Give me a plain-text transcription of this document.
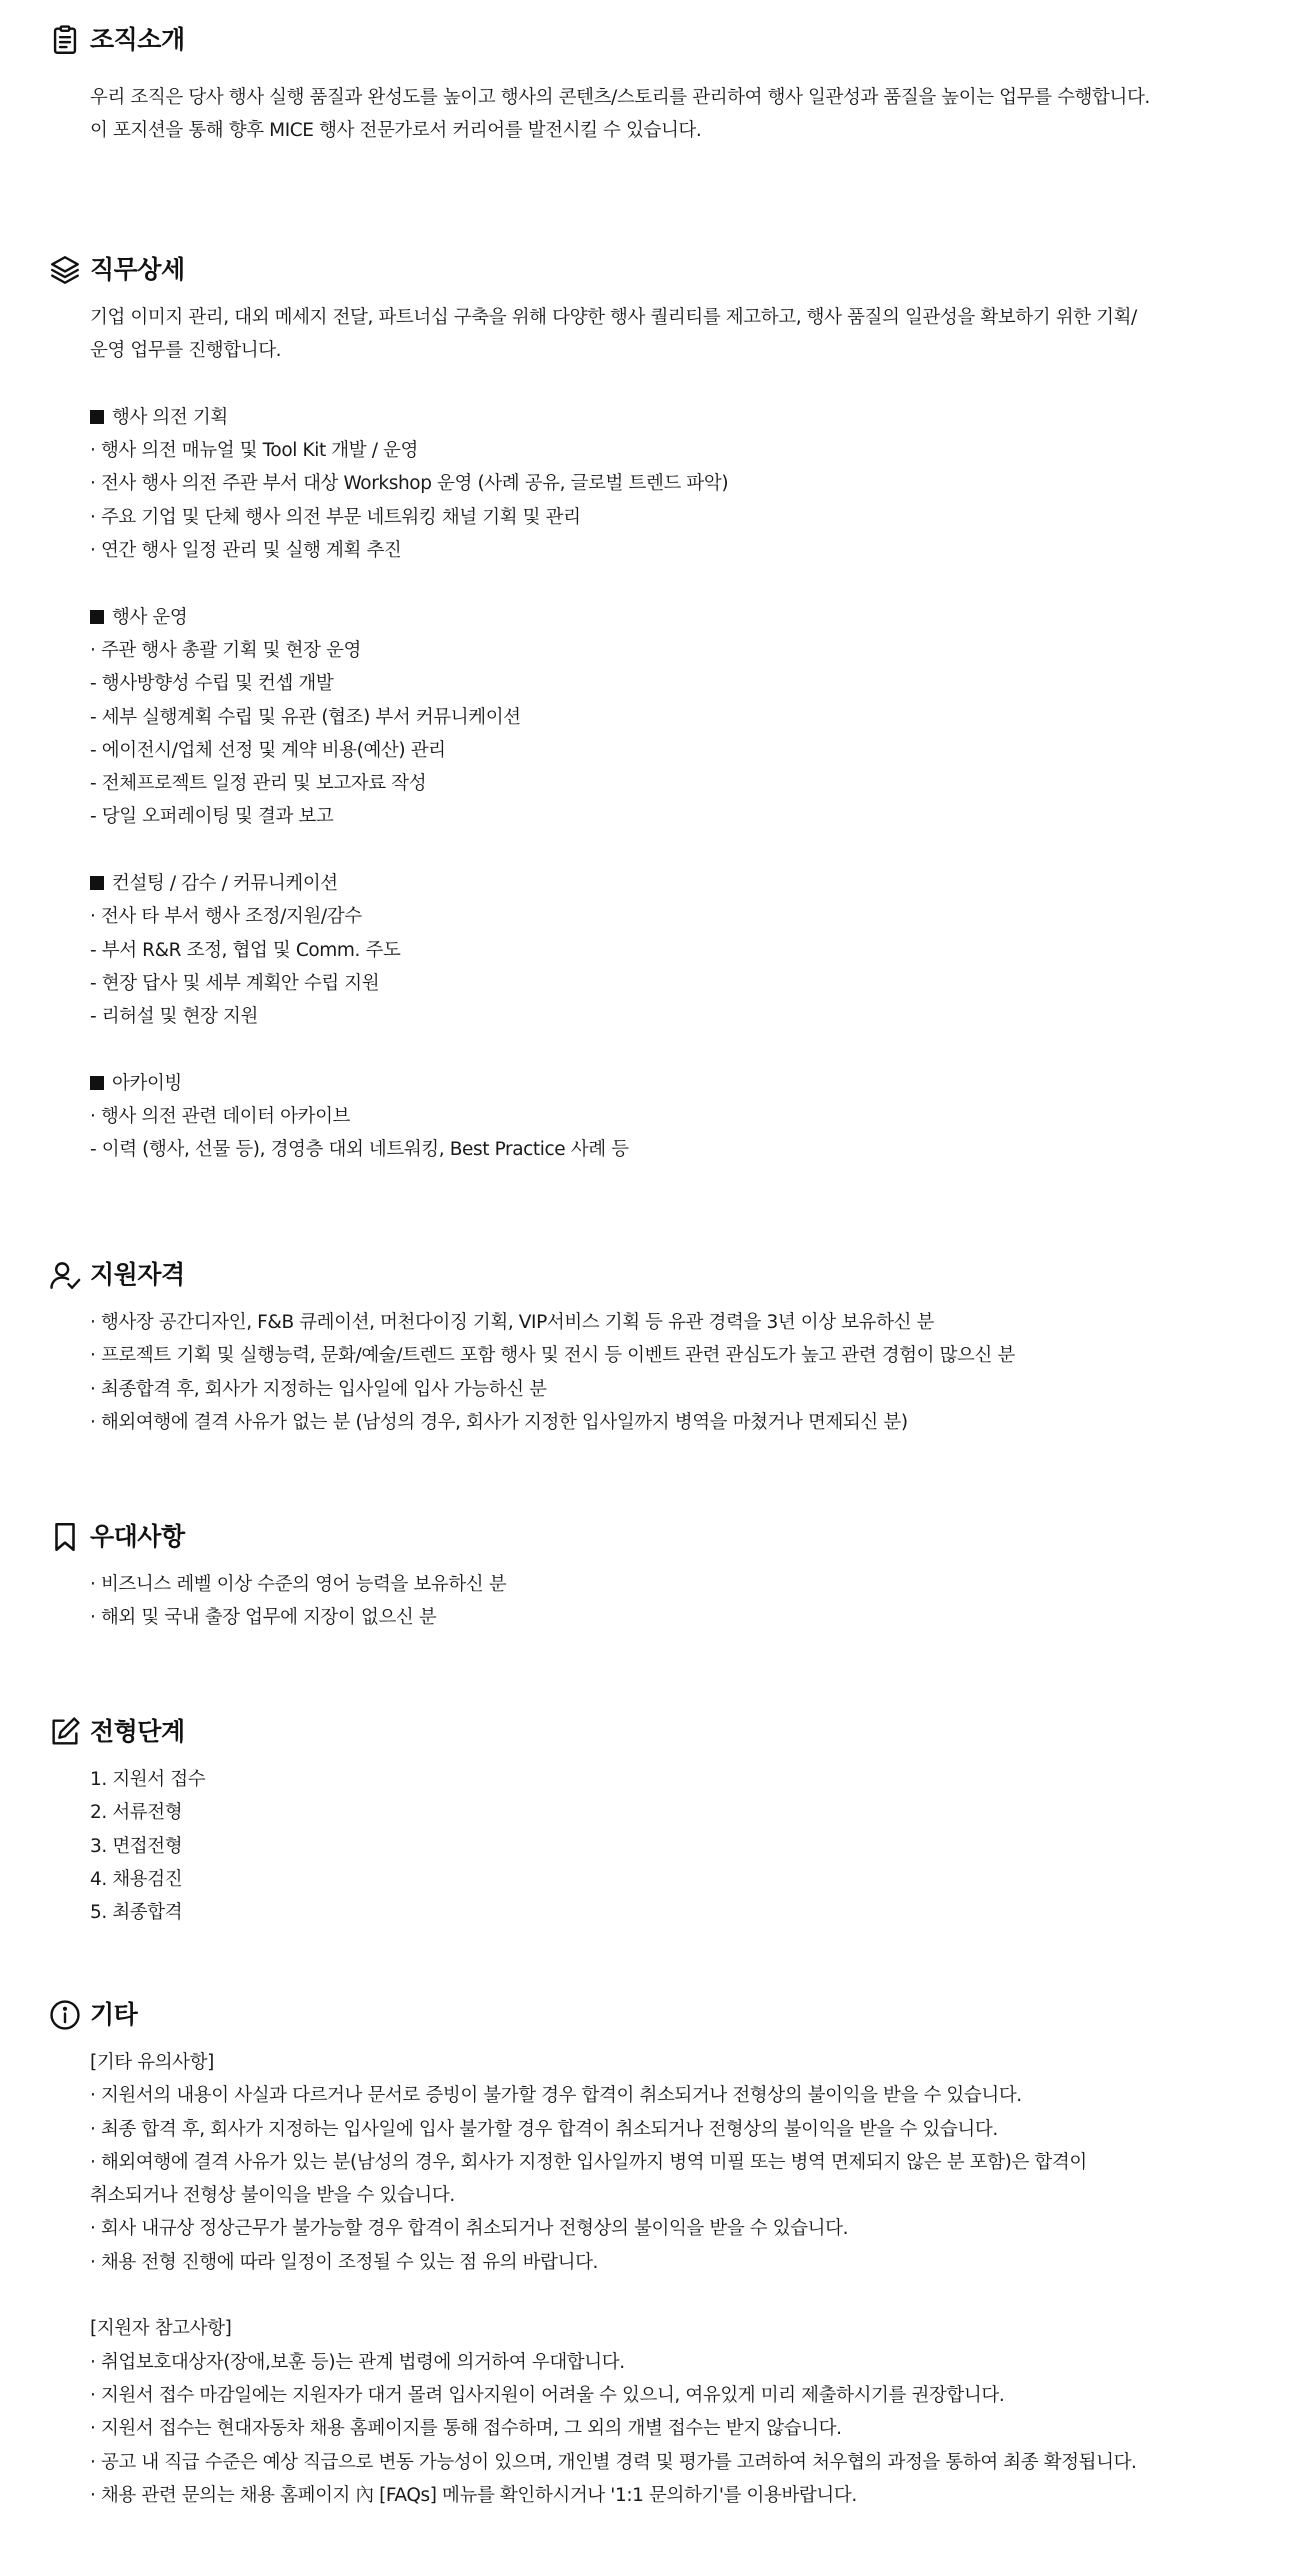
조직소개
우리 조직은 당사 행사 실행 품질과 완성도를 높이고 행사의 콘텐츠/스토리를 관리하여 행사 일관성과 품질을 높이는 업무를 수행합니다.
이 포지션을 통해 향후 MICE 행사 전문가로서 커리어를 발전시킬 수 있습니다.
직무상세
기업 이미지 관리, 대외 메세지 전달, 파트너십 구축을 위해 다양한 행사 퀄리티를 제고하고, 행사 품질의 일관성을 확보하기 위한 기획/
운영 업무를 진행합니다.
행사 의전 기획
· 행사 의전 매뉴얼 및 Tool Kit 개발 / 운영
· 전사 행사 의전 주관 부서 대상 Workshop 운영 (사례 공유, 글로벌 트렌드 파악)
· 주요 기업 및 단체 행사 의전 부문 네트워킹 채널 기획 및 관리
· 연간 행사 일정 관리 및 실행 계획 추진
행사 운영
· 주관 행사 총괄 기획 및 현장 운영
- 행사방향성 수립 및 컨셉 개발
- 세부 실행계획 수립 및 유관 (협조) 부서 커뮤니케이션
- 에이전시/업체 선정 및 계약 비용(예산) 관리
- 전체프로젝트 일정 관리 및 보고자료 작성
- 당일 오퍼레이팅 및 결과 보고
컨설팅 / 감수 / 커뮤니케이션
· 전사 타 부서 행사 조정/지원/감수
- 부서 R&R 조정, 협업 및 Comm. 주도
- 현장 답사 및 세부 계획안 수립 지원
- 리허설 및 현장 지원
아카이빙
· 행사 의전 관련 데이터 아카이브
- 이력 (행사, 선물 등), 경영층 대외 네트워킹, Best Practice 사례 등
지원자격
· 행사장 공간디자인, F&B 큐레이션, 머천다이징 기획, VIP서비스 기획 등 유관 경력을 3년 이상 보유하신 분
· 프로젝트 기획 및 실행능력, 문화/예술/트렌드 포함 행사 및 전시 등 이벤트 관련 관심도가 높고 관련 경험이 많으신 분
· 최종합격 후, 회사가 지정하는 입사일에 입사 가능하신 분
· 해외여행에 결격 사유가 없는 분 (남성의 경우, 회사가 지정한 입사일까지 병역을 마쳤거나 면제되신 분)
우대사항
· 비즈니스 레벨 이상 수준의 영어 능력을 보유하신 분
· 해외 및 국내 출장 업무에 지장이 없으신 분
전형단계
1. 지원서 접수
2. 서류전형
3. 면접전형
4. 채용검진
5. 최종합격
기타
[기타 유의사항]
· 지원서의 내용이 사실과 다르거나 문서로 증빙이 불가할 경우 합격이 취소되거나 전형상의 불이익을 받을 수 있습니다.
· 최종 합격 후, 회사가 지정하는 입사일에 입사 불가할 경우 합격이 취소되거나 전형상의 불이익을 받을 수 있습니다.
· 해외여행에 결격 사유가 있는 분(남성의 경우, 회사가 지정한 입사일까지 병역 미필 또는 병역 면제되지 않은 분 포함)은 합격이
취소되거나 전형상 불이익을 받을 수 있습니다.
· 회사 내규상 정상근무가 불가능할 경우 합격이 취소되거나 전형상의 불이익을 받을 수 있습니다.
· 채용 전형 진행에 따라 일정이 조정될 수 있는 점 유의 바랍니다.
[지원자 참고사항]
· 취업보호대상자(장애,보훈 등)는 관계 법령에 의거하여 우대합니다.
· 지원서 접수 마감일에는 지원자가 대거 몰려 입사지원이 어려울 수 있으니, 여유있게 미리 제출하시기를 권장합니다.
· 지원서 접수는 현대자동차 채용 홈페이지를 통해 접수하며, 그 외의 개별 접수는 받지 않습니다.
· 공고 내 직급 수준은 예상 직급으로 변동 가능성이 있으며, 개인별 경력 및 평가를 고려하여 처우협의 과정을 통하여 최종 확정됩니다.
· 채용 관련 문의는 채용 홈페이지 內 [FAQs] 메뉴를 확인하시거나 '1:1 문의하기'를 이용바랍니다.
